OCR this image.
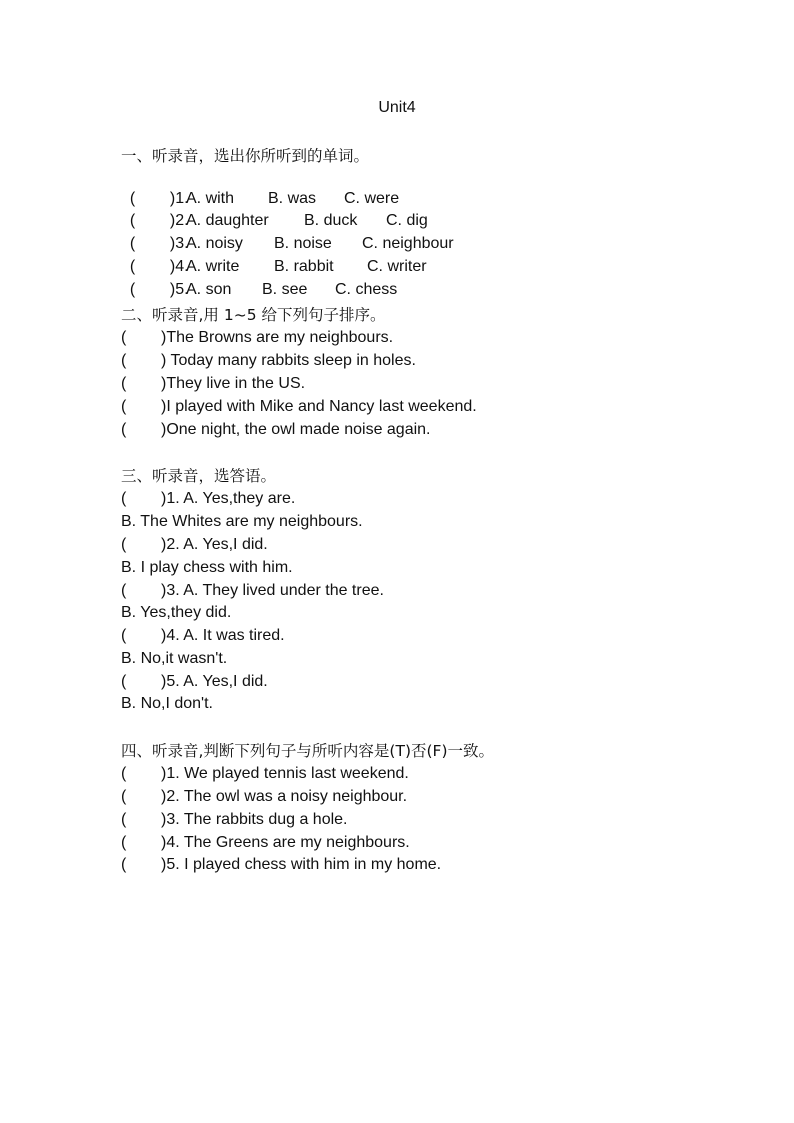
Unit4
一、听录音，选出你所听到的单词。

( )1.
A. with B. was C. were

( )2.
A. daughter B. duck C. dig

( )3.
A. noisy B. noise C. neighbour

( )4.
A. write B. rabbit C. writer

( )5.
A. son B. see C. chess

二、听录音,用 1~5 给下列句子排序。
( )The Browns are my neighbours.
( ) Today many rabbits sleep in holes.
( )They live in the US.
( )I played with Mike and Nancy last weekend.
( )One night, the owl made noise again.
三、听录音，选答语。
( )1. A. Yes,they are.
B. The Whites are my neighbours.
( )2. A. Yes,I did.
B. I play chess with him.
( )3. A. They lived under the tree.
B. Yes,they did.
( )4. A. It was tired.
B. No,it wasn't.
( )5. A. Yes,I did.
B. No,I don't.
四、听录音,判断下列句子与所听内容是(T)否(F)一致。
( )1. We played tennis last weekend.
( )2. The owl was a noisy neighbour.
( )3. The rabbits dug a hole.
( )4. The Greens are my neighbours.
( )5. I played chess with him in my home.
